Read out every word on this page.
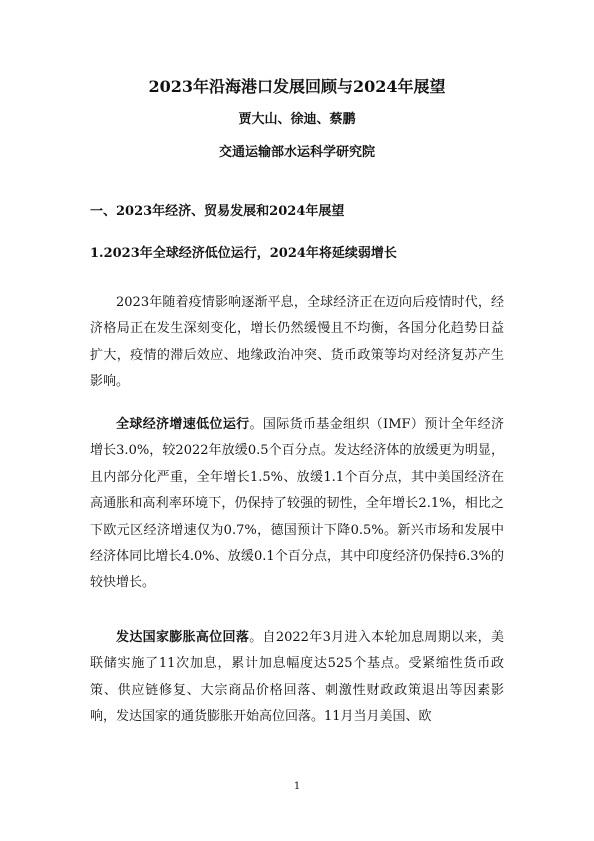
2023年沿海港口发展回顾与2024年展望
贾大山、徐迪、蔡鹏
交通运输部水运科学研究院
一、2023年经济、贸易发展和2024年展望
1.2023年全球经济低位运行，2024年将延续弱增长

2023年随着疫情影响逐渐平息，全球经济正在迈向后疫情时代，经济格局正在发生深刻变化，增长仍然缓慢且不均衡，各国分化趋势日益扩大，疫情的滞后效应、地缘政治冲突、货币政策等均对经济复苏产生影响。

全球经济增速低位运行。国际货币基金组织（IMF）预计全年经济增长3.0%，较2022年放缓0.5个百分点。发达经济体的放缓更为明显，且内部分化严重，全年增长1.5%、放缓1.1个百分点，其中美国经济在高通胀和高利率环境下，仍保持了较强的韧性，全年增长2.1%，相比之下欧元区经济增速仅为0.7%，德国预计下降0.5%。新兴市场和发展中经济体同比增长4.0%、放缓0.1个百分点，其中印度经济仍保持6.3%的较快增长。

发达国家膨胀高位回落。自2022年3月进入本轮加息周期以来，美联储实施了11次加息，累计加息幅度达525个基点。受紧缩性货币政策、供应链修复、大宗商品价格回落、刺激性财政政策退出等因素影响，发达国家的通货膨胀开始高位回落。11月当月美国、欧

1
